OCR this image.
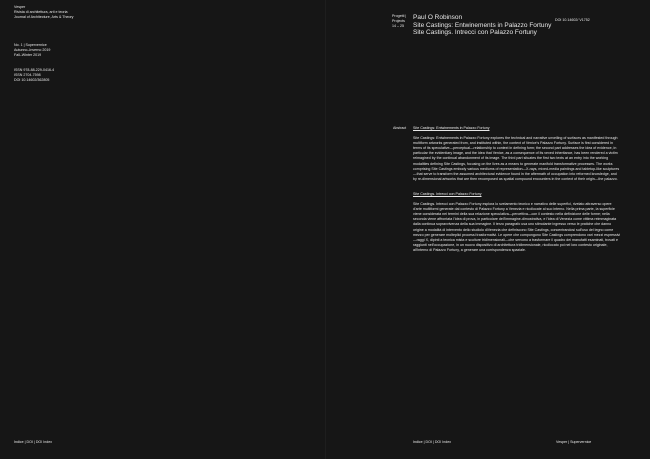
Vesper
Rivista di architettura, arti e teoria
Journal of Architecture, Arts & Theory
No. 1 | Supervernice
Autunno–Inverno 2019
Fall–Winter 2019
ISSN 978-88-229-0416-4
ISSN 2704-7598
DOI 10.14602/362805
Indice | DOI | DOI Index
Progetti | Projects
14 – 25
Paul O Robinson
Site Castings: Entwinements in Palazzo Fortuny
Site Castings. Intrecci con Palazzo Fortuny
DOI 10.14602/ V1752
Abstract Site Castings: Entwinements in Palazzo Fortuny

Site Castings: Entwinements in Palazzo Fortuny explores the technical and narrative unveiling of surfaces as manifested through multiform artworks generated from, and instituted within, the context of Venice's Palazzo Fortuny. Surface is first considered in terms of its speculative—perceptual—relationship to context in defining form; the second part addresses the idea of evidence, in particular the evidentiary image, and the idea that Venice, as a consequence of its vexed inheritance, has been rendered a victim reimagined by the continual abandonment of its image. The third part situates the first two texts at an entry into the working modalities defining Site Castings, focusing on the lives as a means to generate manifold transformative processes. The works comprising Site Castings embody various mediums of representation—X-rays, mixed-media paintings and tabletop-like sculptures—that serve to transform the assumed architectural evidence found in the aftermath of occupation into reformed knowledge, and by re-dimensional artworks that are then recomposed as spatial compound encounters in the context of their origin—the palazzo.

Site Castings. Intrecci con Palazzo Fortuny

Site Castings. Intrecci con Palazzo Fortuny esplora lo svelamento tecnico e narrativo delle superfici, rivelato attraverso opere d'arte multiformi generate dal contesto di Palazzo Fortuny a Venezia e ricollocate al suo interno. Nella prima parte, la superficie viene considerata nei termini della sua relazione speculativa—percettiva—con il contesto nella definizione delle forme; nella seconda viene affrontata l'idea di prova, in particolare dell'immagine-dimostrativa, e l'idea di Venezia come vittima reimmaginata dalla continua sopravvivenza della sua immagine. Il terzo paragrafo usa uno stimolante ingresso verso le pratiche che danno origine a modalità di intervento dello studiolo diVenezia che definiscono Site Castings, concentrandosi sull'uso del legno come mezzo per generare molteplici processi trasformativi. Le opere che compongono Site Castings comprendono vari mezzi espressivi—raggi X, dipinti a tecnica mista e sculture tridimensionali—che servono a trasformare il quadro dei manufatti esaminati, trovati e raggiunti nell'occupazione, in un nuovo dispositivo di architettura tridimensionale, ricollocato poi nel loro contesto originale, all'interno di Palazzo Fortuny, a generare una corrispondenza spaziale.

Indice | DOI | DOI Index	Vesper | Supervernice
